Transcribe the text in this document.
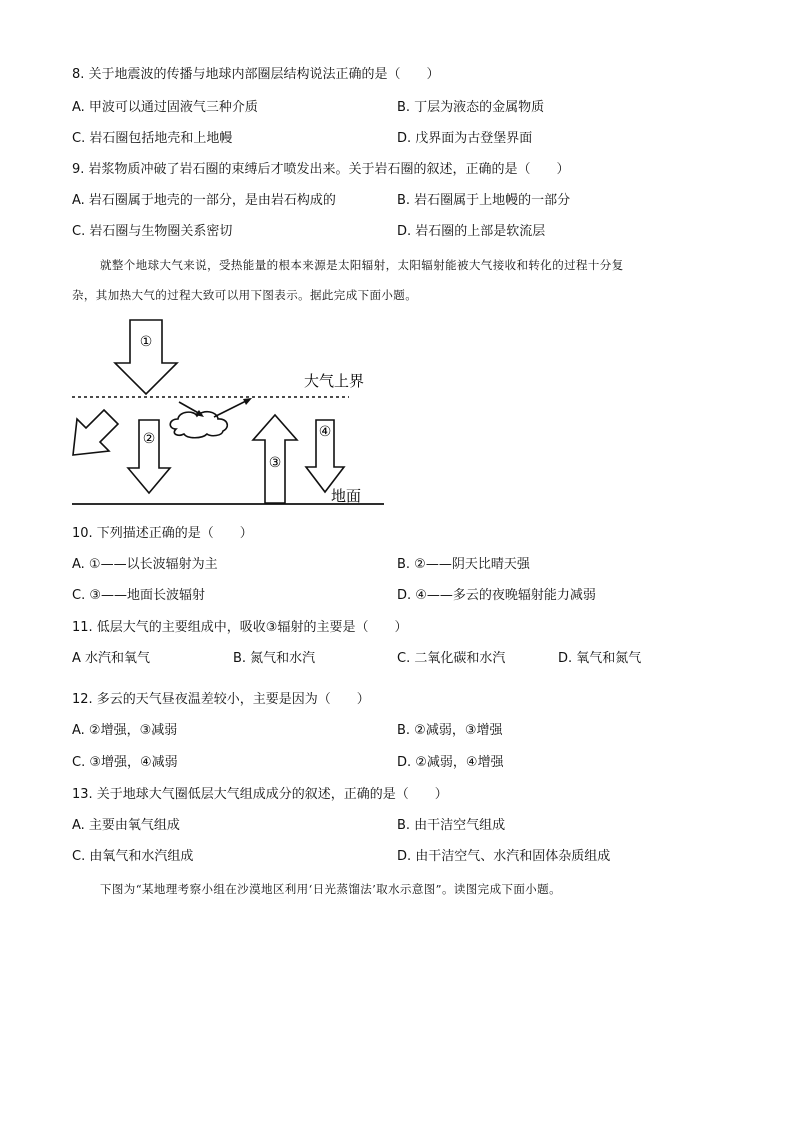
8. 关于地震波的传播与地球内部圈层结构说法正确的是（　　）
A. 甲波可以通过固液气三种介质	B. 丁层为液态的金属物质
C. 岩石圈包括地壳和上地幔	D. 戊界面为古登堡界面
9. 岩浆物质冲破了岩石圈的束缚后才喷发出来。关于岩石圈的叙述，正确的是（　　）
A. 岩石圈属于地壳的一部分，是由岩石构成的	B. 岩石圈属于上地幔的一部分
C. 岩石圈与生物圈关系密切	D. 岩石圈的上部是软流层
就整个地球大气来说，受热能量的根本来源是太阳辐射，太阳辐射能被大气接收和转化的过程十分复
杂，其加热大气的过程大致可以用下图表示。据此完成下面小题。
大气上界
地面
①
②
③
④
10. 下列描述正确的是（　　）
A. ①——以长波辐射为主	B. ②——阴天比晴天强
C. ③——地面长波辐射	D. ④——多云的夜晚辐射能力减弱
11. 低层大气的主要组成中，吸收③辐射的主要是（　　）
A 水汽和氧气	B. 氮气和水汽	C. 二氧化碳和水汽	D. 氧气和氮气
12. 多云的天气昼夜温差较小，主要是因为（　　）
A. ②增强，③减弱	B. ②减弱，③增强
C. ③增强，④减弱	D. ②减弱，④增强
13. 关于地球大气圈低层大气组成成分的叙述，正确的是（　　）
A. 主要由氧气组成	B. 由干洁空气组成
C. 由氧气和水汽组成	D. 由干洁空气、水汽和固体杂质组成
下图为“某地理考察小组在沙漠地区利用‘日光蒸馏法’取水示意图”。读图完成下面小题。
